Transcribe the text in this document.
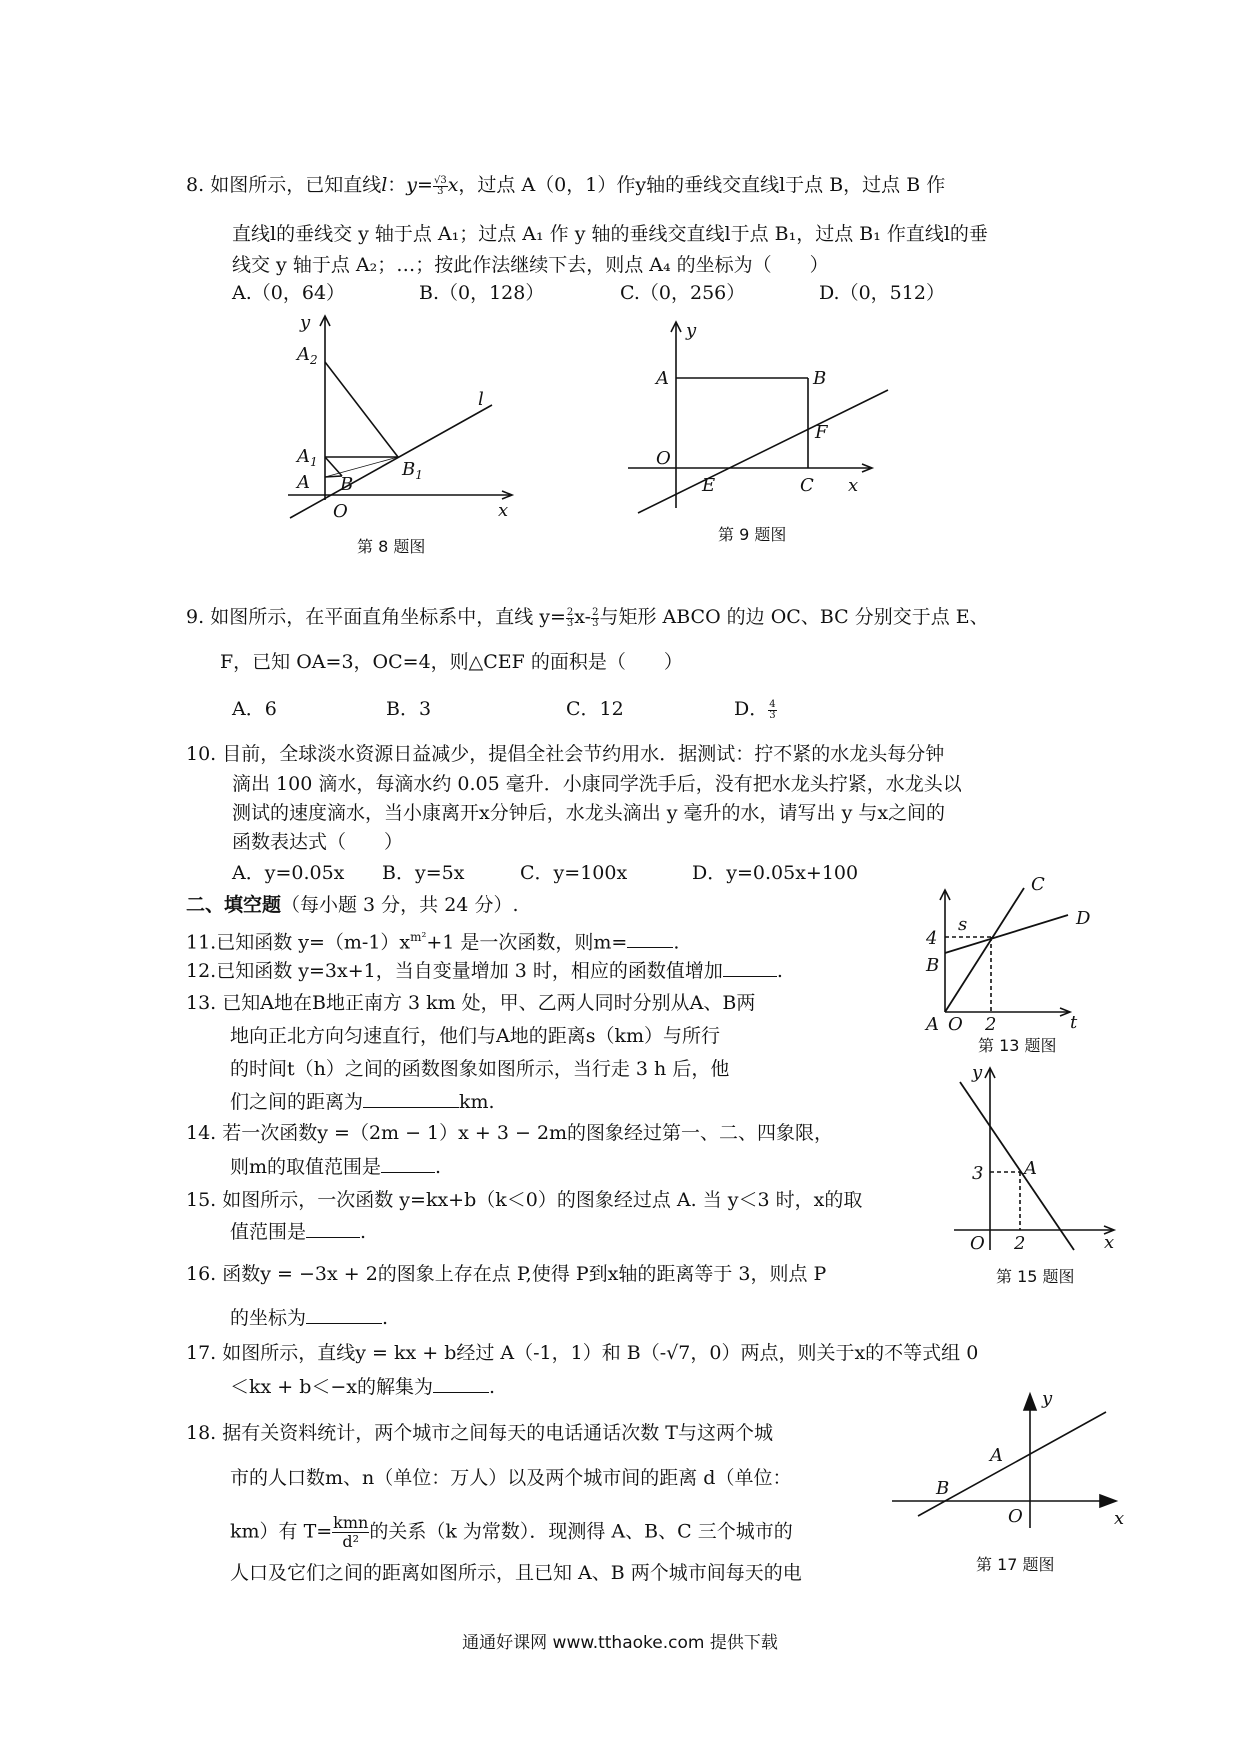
8. 如图所示，已知直线l：$y= \frac{√3}{3}$ x，过点 A（0，1）作y轴的垂线交直线l于点 B，过点 B 作
直线l的垂线交 y 轴于点 A₁；过点 A₁ 作 y 轴的垂线交直线l于点 B₁，过点 B₁ 作直线l的垂
线交 y 轴于点 A₂；…；按此作法继续下去，则点 A₄ 的坐标为（　　）
A.（0，64）	B.（0，128）	C.（0，256）	D.（0，512）
y
$A_2$
$A_1$
A B
$B_1$
O	x
l
第 8 题图
y
A	B
F
O
E	C x
第 9 题图
9. 如图所示，在平面直角坐标系中，直线 $y= \frac{2}{3} x- \frac{2}{3}$ 与矩形 ABCO 的边 OC、BC 分别交于点 E、
F，已知 OA=3，OC=4，则△CEF 的面积是（　　）
A．6	B．3	C．12	D． $\frac{4}{3}$
10. 目前，全球淡水资源日益减少，提倡全社会节约用水．据测试：拧不紧的水龙头每分钟
滴出 100 滴水，每滴水约 0.05 毫升．小康同学洗手后，没有把水龙头拧紧，水龙头以
测试的速度滴水，当小康离开x分钟后，水龙头滴出 y 毫升的水，请写出 y 与x之间的
函数表达式（　　）
A．y=0.05x B．y=5x	C．y=100x	D．y=0.05x+100
二、填空题（每小题 3 分，共 24 分）.
11.已知函数 $y=(m-1)x^{m^2}+1$ 是一次函数，则m= .
12.已知函数 y=3x+1，当自变量增加 3 时，相应的函数值增加	.
13. 已知A地在B地正南方 3 km 处，甲、乙两人同时分别从A、B两
地向正北方向匀速直行，他们与A地的距离s（km）与所行
的时间t（h）之间的函数图象如图所示，当行走 3 h 后，他
们之间的距离为	km.
C
D
s
4
B
A O 2	t
第 13 题图
14. 若一次函数y =（2m − 1）x + 3 − 2m的图象经过第一、二、四象限，
则m的取值范围是	.
y
3 A
O 2	x
15. 如图所示，一次函数 y=kx+b（k＜0）的图象经过点 A. 当 y＜3 时，x的取
值范围是	.
16. 函数y = −3x + 2的图象上存在点 P,使得 P到x轴的距离等于 3，则点 P	第 15 题图
的坐标为	.
17. 如图所示，直线y = kx + b经过 A（-1，1）和 B（-√7，0）两点，则关于x的不等式组 0
＜kx + b＜−x的解集为	.
y
A
B
O	x
第 17 题图
18. 据有关资料统计，两个城市之间每天的电话通话次数 T与这两个城
市的人口数m、n（单位：万人）以及两个城市间的距离 d（单位：
km）有 $T= \frac{\text{kmn}}{\text{d²}}$ 的关系（k 为常数）．现测得 A、B、C 三个城市的
人口及它们之间的距离如图所示，且已知 A、B 两个城市间每天的电
通通好课网 www.tthaoke.com 提供下载
